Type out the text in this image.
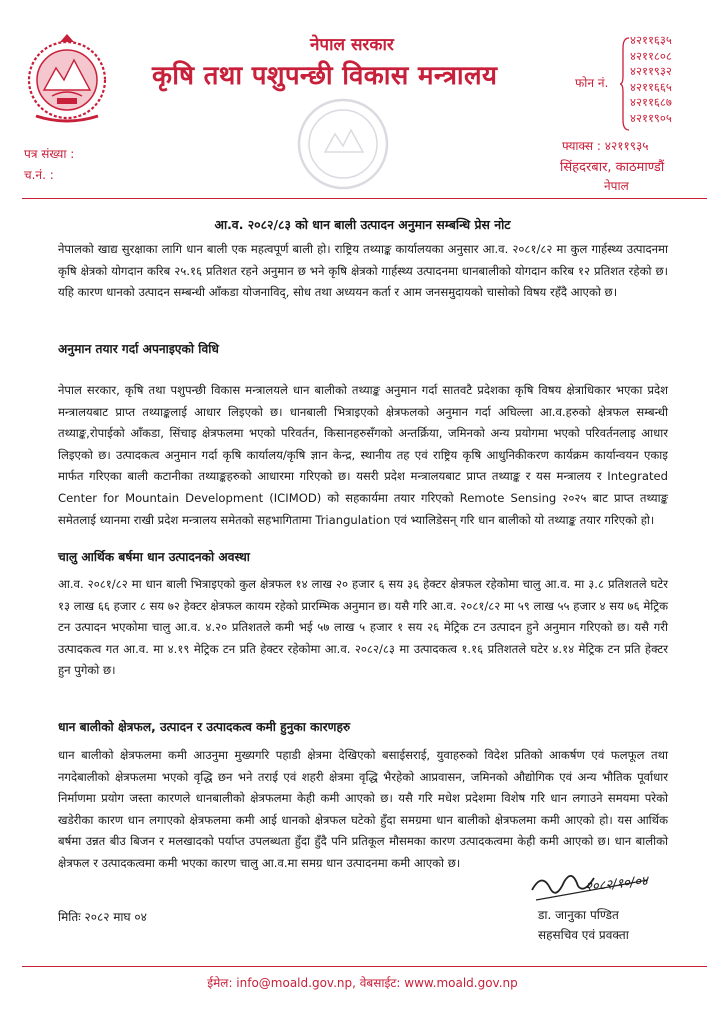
नेपाल सरकार
कृषि तथा पशुपन्छी विकास मन्त्रालय	फोन नं.
४२११६३५
४२११८०८
४२११९३२
४२११६६५
४२११६८७
४२११९०५
फ्याक्स : ४२११९३५
सिंहदरबार, काठमाण्डौं
नेपाल
पत्र संख्या :
च.नं. :
आ.व. २०८२/८३ को धान बाली उत्पादन अनुमान सम्बन्धि प्रेस नोट
नेपालको खाद्य सुरक्षाका लागि धान बाली एक महत्वपूर्ण बाली हो। राष्ट्रिय तथ्याङ्क कार्यालयका अनुसार आ.व. २०८१/८२ मा कुल गार्हस्थ्य उत्पादनमा कृषि क्षेत्रको योगदान करिब २५.१६ प्रतिशत रहने अनुमान छ भने कृषि क्षेत्रको गार्हस्थ्य उत्पादनमा धानबालीको योगदान करिब १२ प्रतिशत रहेको छ। यहि कारण धानको उत्पादन सम्बन्धी आँकडा योजनाविद्, सोध तथा अध्ययन कर्ता र आम जनसमुदायको चासोको विषय रहँदै आएको छ।
अनुमान तयार गर्दा अपनाइएको विधि
नेपाल सरकार, कृषि तथा पशुपन्छी विकास मन्त्रालयले धान बालीको तथ्याङ्क अनुमान गर्दा सातवटै प्रदेशका कृषि विषय क्षेत्राधिकार भएका प्रदेश मन्त्रालयबाट प्राप्त तथ्याङ्कलाई आधार लिइएको छ। धानबाली भित्राइएको क्षेत्रफलको अनुमान गर्दा अघिल्ला आ.व.हरुको क्षेत्रफल सम्बन्धी तथ्याङ्क,रोपाईको आँकडा, सिंचाइ क्षेत्रफलमा भएको परिवर्तन, किसानहरुसँगको अन्तर्क्रिया, जमिनको अन्य प्रयोगमा भएको परिवर्तनलाइ आधार लिइएको छ। उत्पादकत्व अनुमान गर्दा कृषि कार्यालय/कृषि ज्ञान केन्द्र, स्थानीय तह एवं राष्ट्रिय कृषि आधुनिकीकरण कार्यक्रम कार्यान्वयन एकाइ मार्फत गरिएका बाली कटानीका तथ्याङ्कहरुको आधारमा गरिएको छ। यसरी प्रदेश मन्त्रालयबाट प्राप्त तथ्याङ्क र यस मन्त्रालय र Integrated Center for Mountain Development (ICIMOD) को सहकार्यमा तयार गरिएको Remote Sensing २०२५ बाट प्राप्त तथ्याङ्क समेतलाई ध्यानमा राखी प्रदेश मन्त्रालय समेतको सहभागितामा Triangulation एवं भ्यालिडेसन् गरि धान बालीको यो तथ्याङ्क तयार गरिएको हो।
चालु आर्थिक बर्षमा धान उत्पादनको अवस्था
आ.व. २०८१/८२ मा धान बाली भित्राइएको कुल क्षेत्रफल १४ लाख २० हजार ६ सय ३६ हेक्टर क्षेत्रफल रहेकोमा चालु आ.व. मा ३.८ प्रतिशतले घटेर १३ लाख ६६ हजार ८ सय ७२ हेक्टर क्षेत्रफल कायम रहेको प्रारम्भिक अनुमान छ। यसै गरि आ.व. २०८१/८२ मा ५९ लाख ५५ हजार ४ सय ७६ मेट्रिक टन उत्पादन भएकोमा चालु आ.व. ४.२० प्रतिशतले कमी भई ५७ लाख ५ हजार १ सय २६ मेट्रिक टन उत्पादन हुने अनुमान गरिएको छ। यसै गरी उत्पादकत्व गत आ.व. मा ४.१९ मेट्रिक टन प्रति हेक्टर रहेकोमा आ.व. २०८२/८३ मा उत्पादकत्व १.१६ प्रतिशतले घटेर ४.१४ मेट्रिक टन प्रति हेक्टर हुन पुगेको छ।
धान बालीको क्षेत्रफल, उत्पादन र उत्पादकत्व कमी हुनुका कारणहरु
धान बालीको क्षेत्रफलमा कमी आउनुमा मुख्यगरि पहाडी क्षेत्रमा देखिएको बसाईसराई, युवाहरुको विदेश प्रतिको आकर्षण एवं फलफूल तथा नगदेबालीको क्षेत्रफलमा भएको वृद्धि छन भने तराई एवं शहरी क्षेत्रमा वृद्धि भैरहेको आप्रवासन, जमिनको औद्योगिक एवं अन्य भौतिक पूर्वाधार निर्माणमा प्रयोग जस्ता कारणले धानबालीको क्षेत्रफलमा केही कमी आएको छ। यसै गरि मधेश प्रदेशमा विशेष गरि धान लगाउने समयमा परेको खडेरीका कारण धान लगाएको क्षेत्रफलमा कमी आई धानको क्षेत्रफल घटेको हुँदा समग्रमा धान बालीको क्षेत्रफलमा कमी आएको हो। यस आर्थिक बर्षमा उन्नत बीउ बिजन र मलखादको पर्याप्त उपलब्धता हुँदा हुँदै पनि प्रतिकूल मौसमका कारण उत्पादकत्वमा केही कमी आएको छ। धान बालीको क्षेत्रफल र उत्पादकत्वमा कमी भएका कारण चालु आ.व.मा समग्र धान उत्पादनमा कमी आएको छ।
मितिः २०८२ माघ ०४
२०८२/१०/०४
डा. जानुका पण्डित
सहसचिव एवं प्रवक्ता
ईमेल: info@moald.gov.np, वेबसाईट: www.moald.gov.np
